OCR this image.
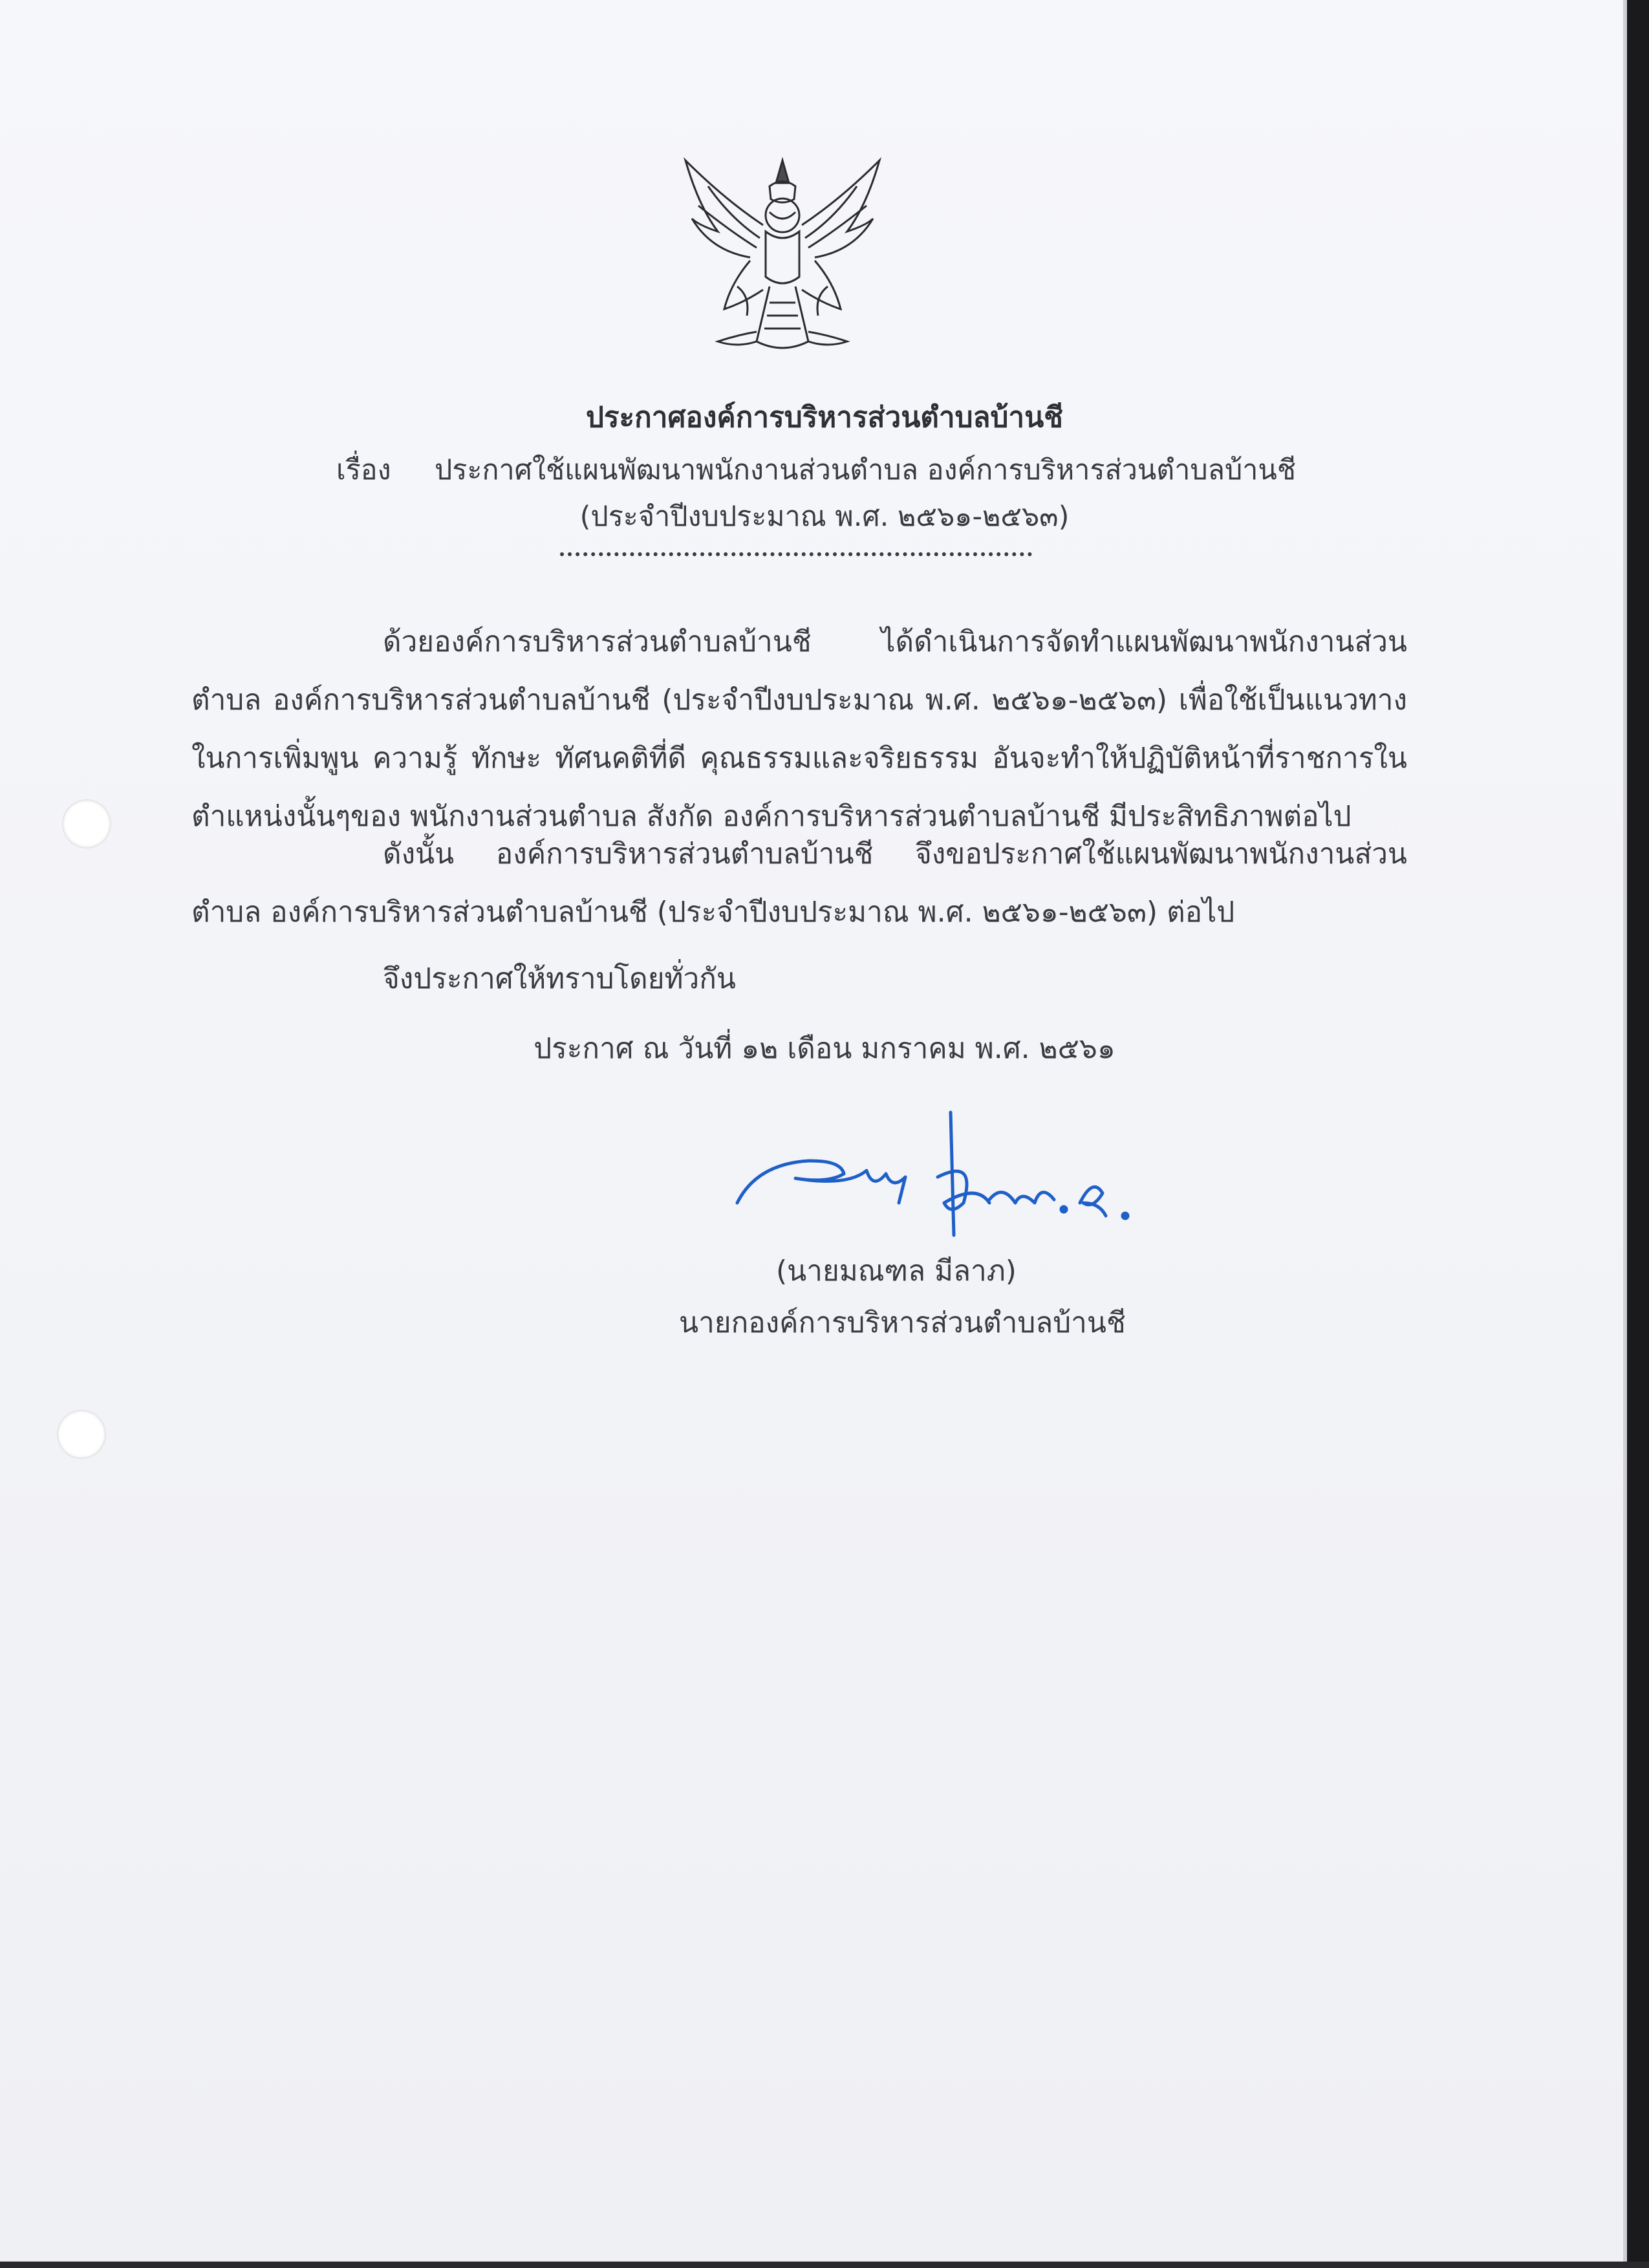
ประกาศองค์การบริหารส่วนตำบลบ้านชี
เรื่อง ประกาศใช้แผนพัฒนาพนักงานส่วนตำบล องค์การบริหารส่วนตำบลบ้านชี
(ประจำปีงบประมาณ พ.ศ. ๒๕๖๑-๒๕๖๓)
ด้วยองค์การบริหารส่วนตำบลบ้านชี ได้ดำเนินการจัดทำแผนพัฒนาพนักงานส่วนตำบล องค์การบริหารส่วนตำบลบ้านชี (ประจำปีงบประมาณ พ.ศ. ๒๕๖๑-๒๕๖๓) เพื่อใช้เป็นแนวทางในการเพิ่มพูน ความรู้ ทักษะ ทัศนคติที่ดี คุณธรรมและจริยธรรม อันจะทำให้ปฏิบัติหน้าที่ราชการในตำแหน่งนั้นๆของ พนักงานส่วนตำบล สังกัด องค์การบริหารส่วนตำบลบ้านชี มีประสิทธิภาพต่อไป
ดังนั้น องค์การบริหารส่วนตำบลบ้านชี จึงขอประกาศใช้แผนพัฒนาพนักงานส่วนตำบล องค์การบริหารส่วนตำบลบ้านชี (ประจำปีงบประมาณ พ.ศ. ๒๕๖๑-๒๕๖๓) ต่อไป
จึงประกาศให้ทราบโดยทั่วกัน
ประกาศ ณ วันที่ ๑๒ เดือน มกราคม พ.ศ. ๒๕๖๑
(นายมณฑล มีลาภ)
นายกองค์การบริหารส่วนตำบลบ้านชี
